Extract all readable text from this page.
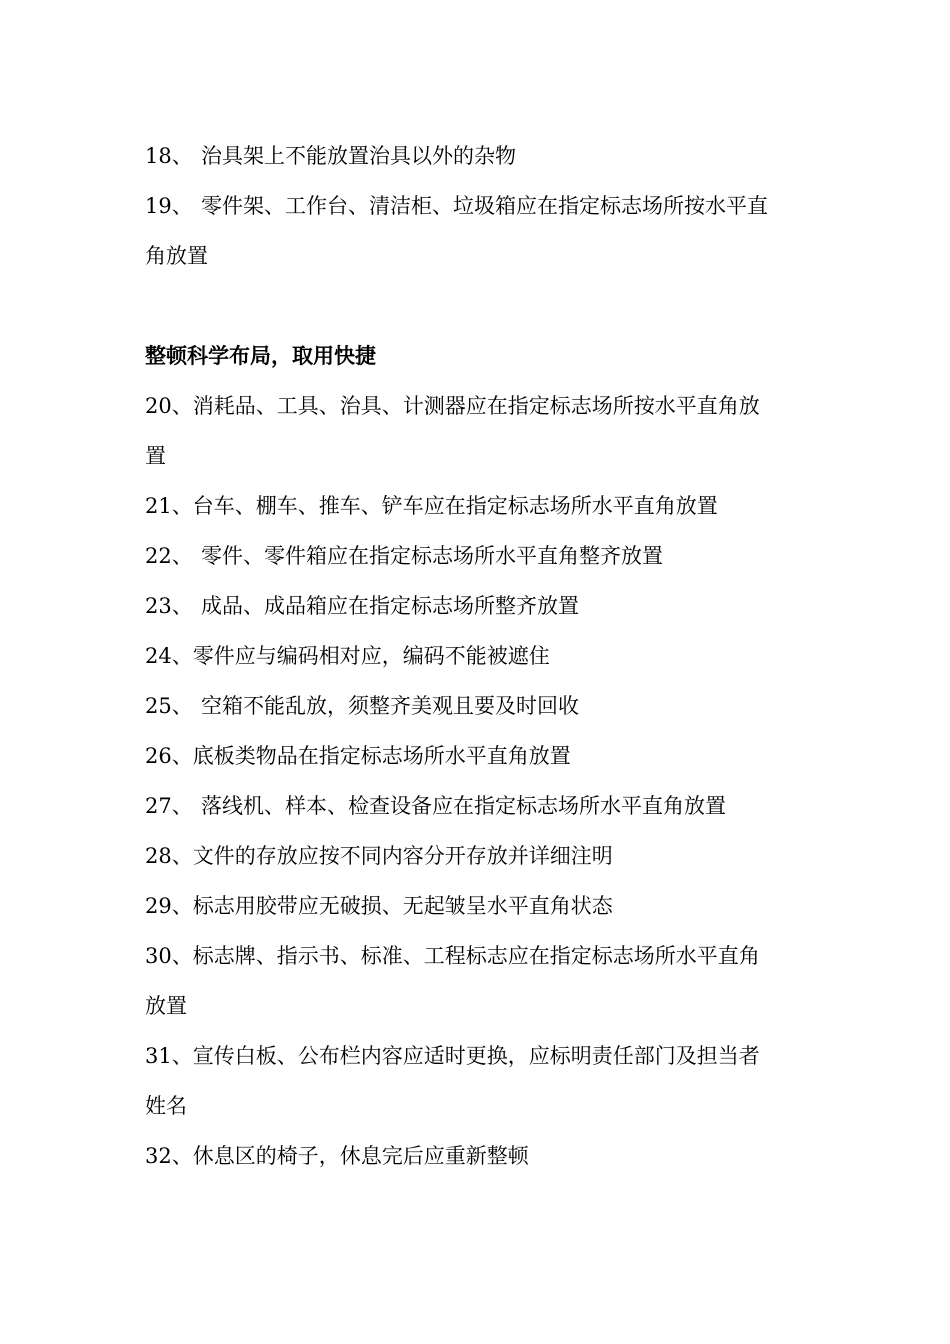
18、 治具架上不能放置治具以外的杂物
19、 零件架、工作台、清洁柜、垃圾箱应在指定标志场所按水平直
角放置
整顿科学布局，取用快捷
20、消耗品、工具、治具、计测器应在指定标志场所按水平直角放
置
21、台车、棚车、推车、铲车应在指定标志场所水平直角放置
22、 零件、零件箱应在指定标志场所水平直角整齐放置
23、 成品、成品箱应在指定标志场所整齐放置
24、零件应与编码相对应，编码不能被遮住
25、 空箱不能乱放，须整齐美观且要及时回收
26、底板类物品在指定标志场所水平直角放置
27、 落线机、样本、检查设备应在指定标志场所水平直角放置
28、文件的存放应按不同内容分开存放并详细注明
29、标志用胶带应无破损、无起皱呈水平直角状态
30、标志牌、指示书、标准、工程标志应在指定标志场所水平直角
放置
31、宣传白板、公布栏内容应适时更换，应标明责任部门及担当者
姓名
32、休息区的椅子，休息完后应重新整顿
